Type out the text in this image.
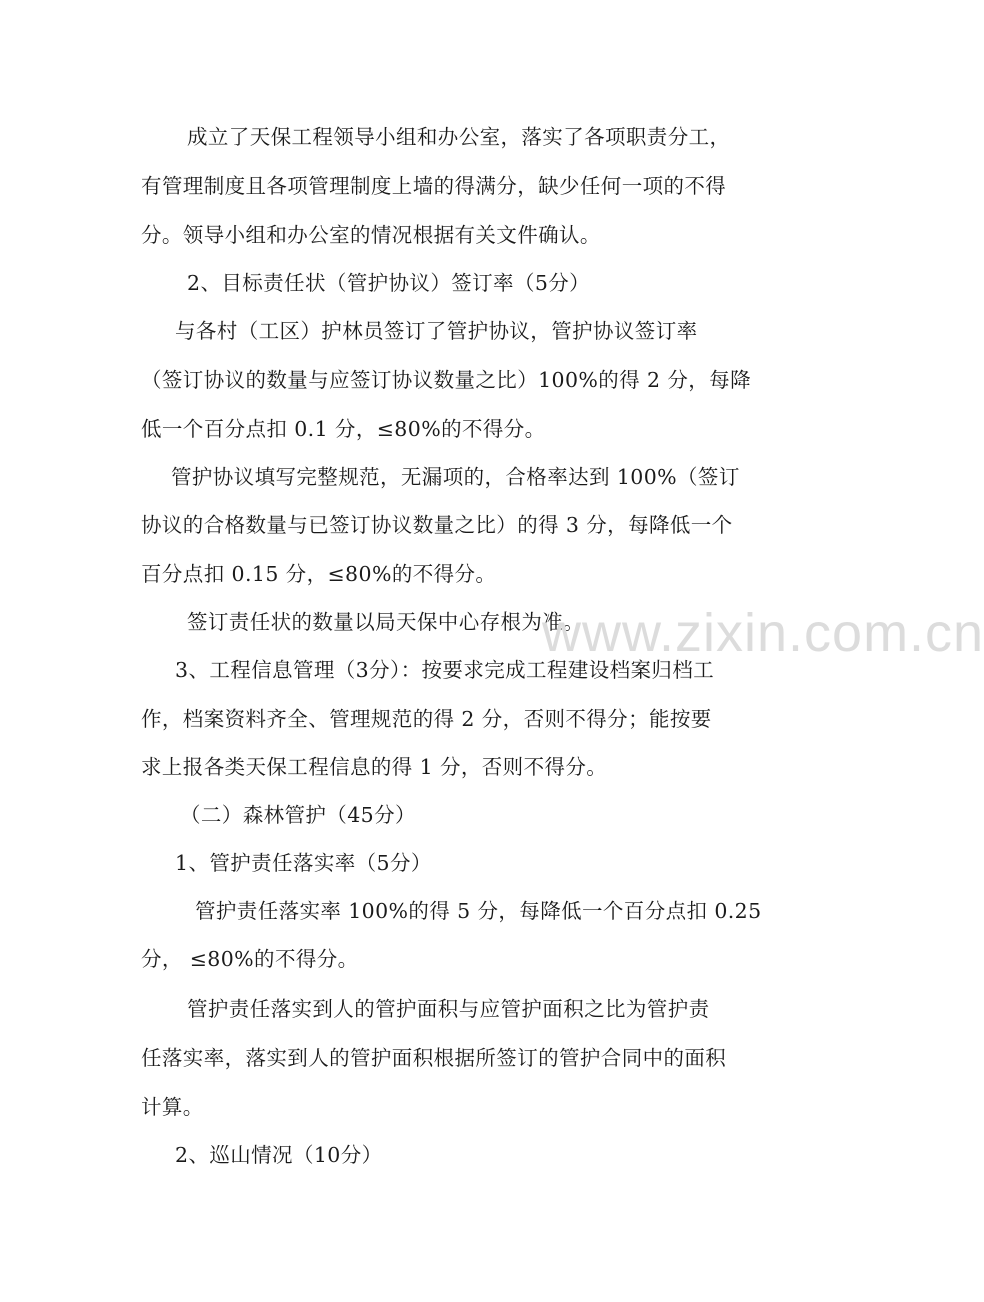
成立了天保工程领导小组和办公室，落实了各项职责分工，
有管理制度且各项管理制度上墙的得满分，缺少任何一项的不得
分。领导小组和办公室的情况根据有关文件确认。
2、目标责任状（管护协议）签订率（5分）
与各村（工区）护林员签订了管护协议，管护协议签订率
（签订协议的数量与应签订协议数量之比）100%的得 2 分，每降
低一个百分点扣 0.1 分，≤80%的不得分。
管护协议填写完整规范，无漏项的，合格率达到 100%（签订
协议的合格数量与已签订协议数量之比）的得 3 分，每降低一个
百分点扣 0.15 分，≤80%的不得分。
签订责任状的数量以局天保中心存根为准。
3、工程信息管理（3分）：按要求完成工程建设档案归档工
作，档案资料齐全、管理规范的得 2 分，否则不得分；能按要
求上报各类天保工程信息的得 1 分，否则不得分。
（二）森林管护（45分）
1、管护责任落实率（5分）
管护责任落实率 100%的得 5 分，每降低一个百分点扣 0.25
分， ≤80%的不得分。
管护责任落实到人的管护面积与应管护面积之比为管护责
任落实率，落实到人的管护面积根据所签订的管护合同中的面积
计算。
2、巡山情况（10分）
www.zixin.com.cn
